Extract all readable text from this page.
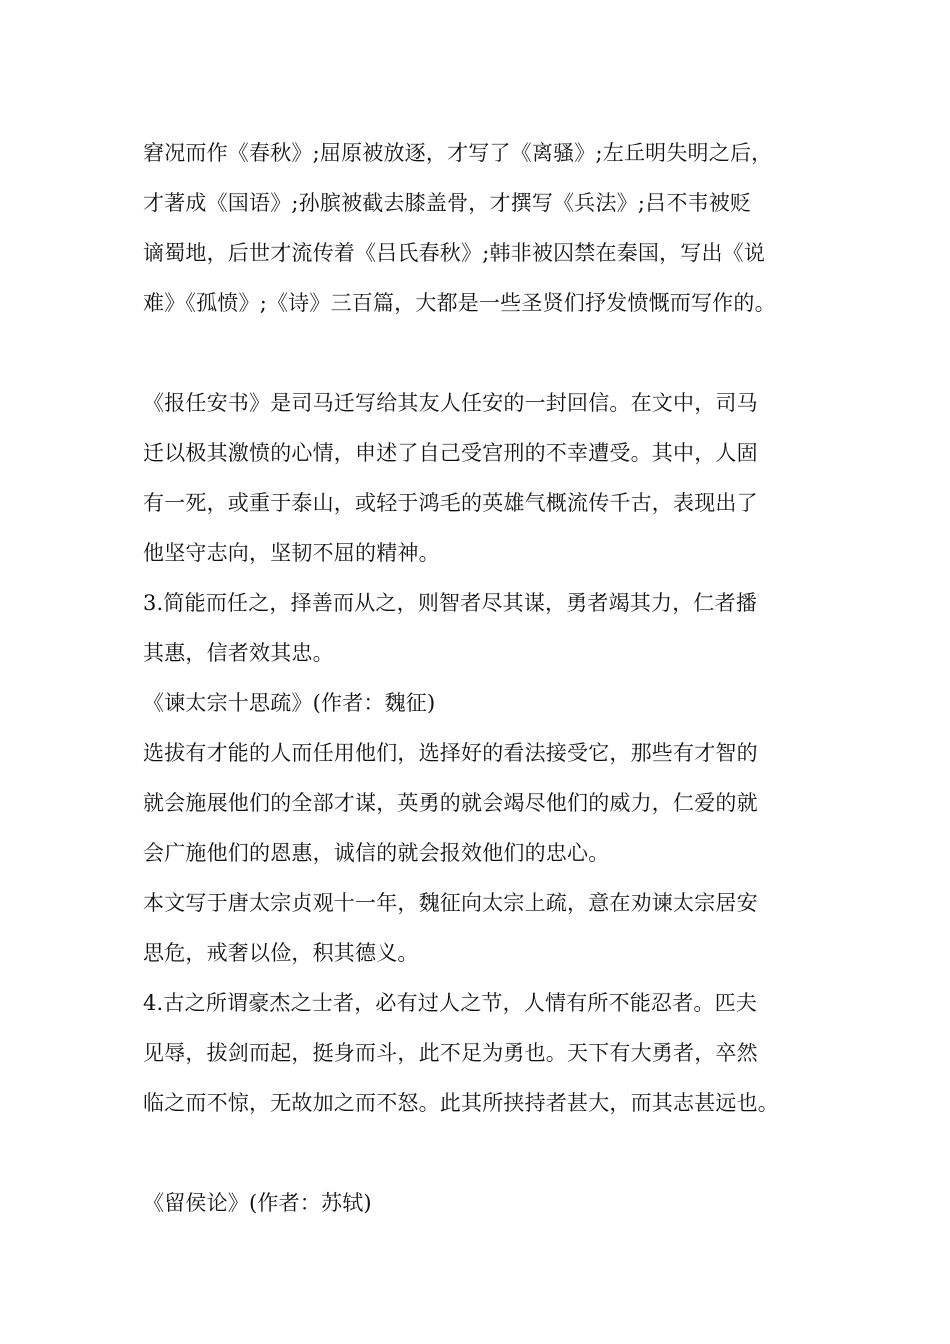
窘况而作《春秋》;屈原被放逐，才写了《离骚》;左丘明失明之后，
才著成《国语》;孙膑被截去膝盖骨，才撰写《兵法》;吕不韦被贬
谪蜀地，后世才流传着《吕氏春秋》;韩非被囚禁在秦国，写出《说
难》《孤愤》;《诗》三百篇，大都是一些圣贤们抒发愤慨而写作的。
《报任安书》是司马迁写给其友人任安的一封回信。在文中，司马
迁以极其激愤的心情，申述了自己受宫刑的不幸遭受。其中，人固
有一死，或重于泰山，或轻于鸿毛的英雄气概流传千古，表现出了
他坚守志向，坚韧不屈的精神。
3.简能而任之，择善而从之，则智者尽其谋，勇者竭其力，仁者播
其惠，信者效其忠。
《谏太宗十思疏》(作者：魏征)
选拔有才能的人而任用他们，选择好的看法接受它，那些有才智的
就会施展他们的全部才谋，英勇的就会竭尽他们的威力，仁爱的就
会广施他们的恩惠，诚信的就会报效他们的忠心。
本文写于唐太宗贞观十一年，魏征向太宗上疏，意在劝谏太宗居安
思危，戒奢以俭，积其德义。
4.古之所谓豪杰之士者，必有过人之节，人情有所不能忍者。匹夫
见辱，拔剑而起，挺身而斗，此不足为勇也。天下有大勇者，卒然
临之而不惊，无故加之而不怒。此其所挟持者甚大，而其志甚远也。
《留侯论》(作者：苏轼)
